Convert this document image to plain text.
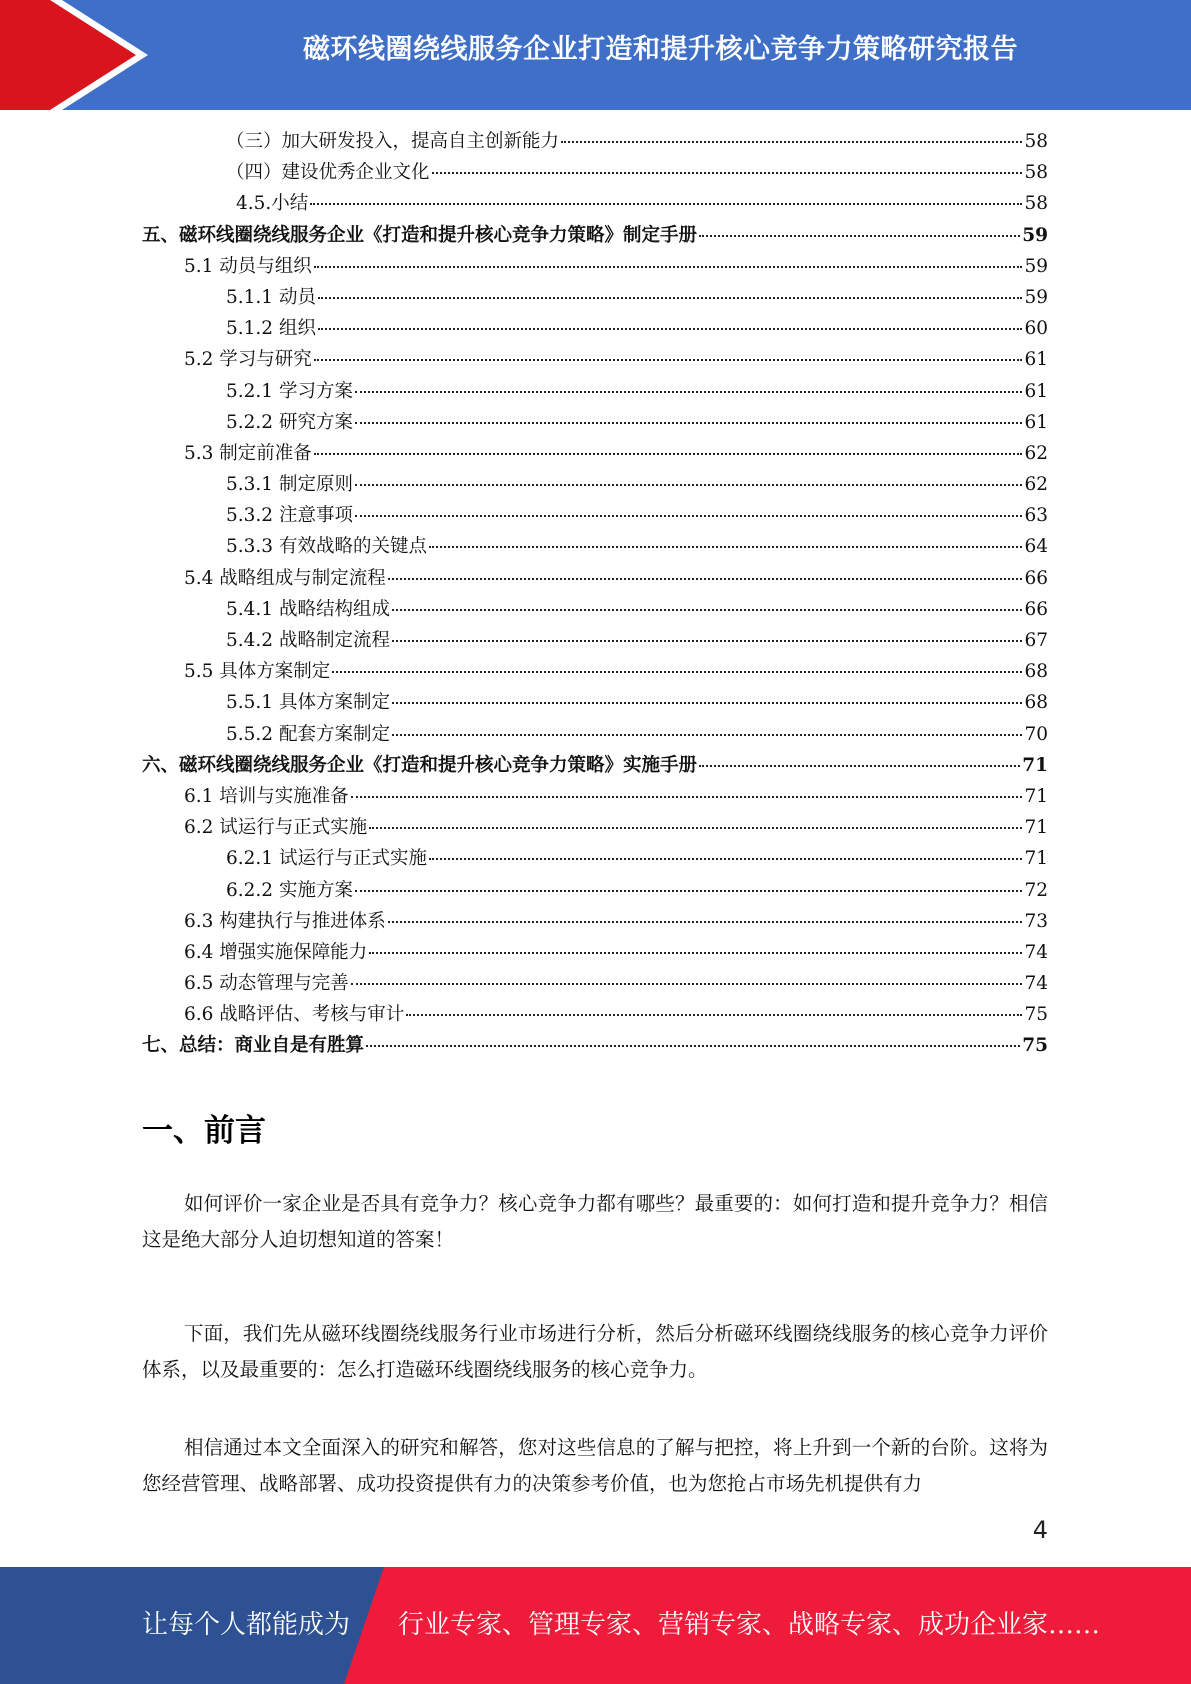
磁环线圈绕线服务企业打造和提升核心竞争力策略研究报告
（三）加大研发投入，提高自主创新能力	58
（四）建设优秀企业文化	58
4.5.小结	58
五、磁环线圈绕线服务企业《打造和提升核心竞争力策略》制定手册	59
5.1 动员与组织	59
5.1.1 动员	59
5.1.2 组织	60
5.2 学习与研究	61
5.2.1 学习方案	61
5.2.2 研究方案	61
5.3 制定前准备	62
5.3.1 制定原则	62
5.3.2 注意事项	63
5.3.3 有效战略的关键点	64
5.4 战略组成与制定流程	66
5.4.1 战略结构组成	66
5.4.2 战略制定流程	67
5.5 具体方案制定	68
5.5.1 具体方案制定	68
5.5.2 配套方案制定	70
六、磁环线圈绕线服务企业《打造和提升核心竞争力策略》实施手册	71
6.1 培训与实施准备	71
6.2 试运行与正式实施	71
6.2.1 试运行与正式实施	71
6.2.2 实施方案	72
6.3 构建执行与推进体系	73
6.4 增强实施保障能力	74
6.5 动态管理与完善	74
6.6 战略评估、考核与审计	75
七、总结：商业自是有胜算	75
一、前言

如何评价一家企业是否具有竞争力？核心竞争力都有哪些？最重要的：如何打造和提升竞争力？相信这是绝大部分人迫切想知道的答案！

下面，我们先从磁环线圈绕线服务行业市场进行分析，然后分析磁环线圈绕线服务的核心竞争力评价体系，以及最重要的：怎么打造磁环线圈绕线服务的核心竞争力。

相信通过本文全面深入的研究和解答，您对这些信息的了解与把控，将上升到一个新的台阶。这将为您经营管理、战略部署、成功投资提供有力的决策参考价值，也为您抢占市场先机提供有力

4
让每个人都能成为 行业专家、管理专家、营销专家、战略专家、成功企业家……
